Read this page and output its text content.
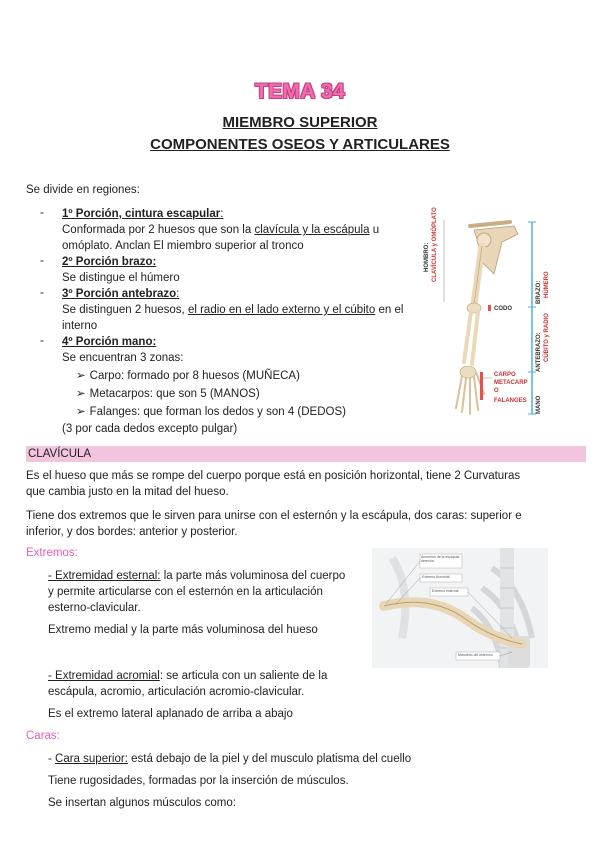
TEMA 34
MIEMBRO SUPERIOR
COMPONENTES OSEOS Y ARTICULARES
Se divide en regiones:
- 1º Porción, cintura escapular:
Conformada por 2 huesos que son la clavícula y la escápula u
omóplato. Anclan El miembro superior al tronco
- 2º Porción brazo:
Se distingue el húmero
- 3º Porción antebrazo:
Se distinguen 2 huesos, el radio en el lado externo y el cúbito en el
interno
- 4º Porción mano:
Se encuentran 3 zonas:
➢ Carpo: formado por 8 huesos (MUÑECA)
➢ Metacarpos: que son 5 (MANOS)
➢ Falanges: que forman los dedos y son 4 (DEDOS)
(3 por cada dedos excepto pulgar)
HOMBRO: CLAVÍCULA y OMÓPLATO
CODO
BRAZO: HÚMERO
ANTEBRAZO: CÚBITO y RADIO
MANO
CARPO
METACARP
O
FALANGES
CLAVÍCULA
Es el hueso que más se rompe del cuerpo porque está en posición horizontal, tiene 2 Curvaturas
que cambia justo en la mitad del hueso.
Tiene dos extremos que le sirven para unirse con el esternón y la escápula, dos caras: superior e
inferior, y dos bordes: anterior y posterior.
Extremos:
- Extremidad esternal: la parte más voluminosa del cuerpo
y permite articularse con el esternón en la articulación
esterno-clavicular.
Extremo medial y la parte más voluminosa del hueso
- Extremidad acromial: se articula con un saliente de la
escápula, acromio, articulación acromio-clavicular.
Es el extremo lateral aplanado de arriba a abajo
Acromion de la escápula derecha
Extremo Acromial
Extremo esternal
Manubrio del esternón
Caras:
- Cara superior: está debajo de la piel y del musculo platisma del cuello
Tiene rugosidades, formadas por la inserción de músculos.
Se insertan algunos músculos como:
